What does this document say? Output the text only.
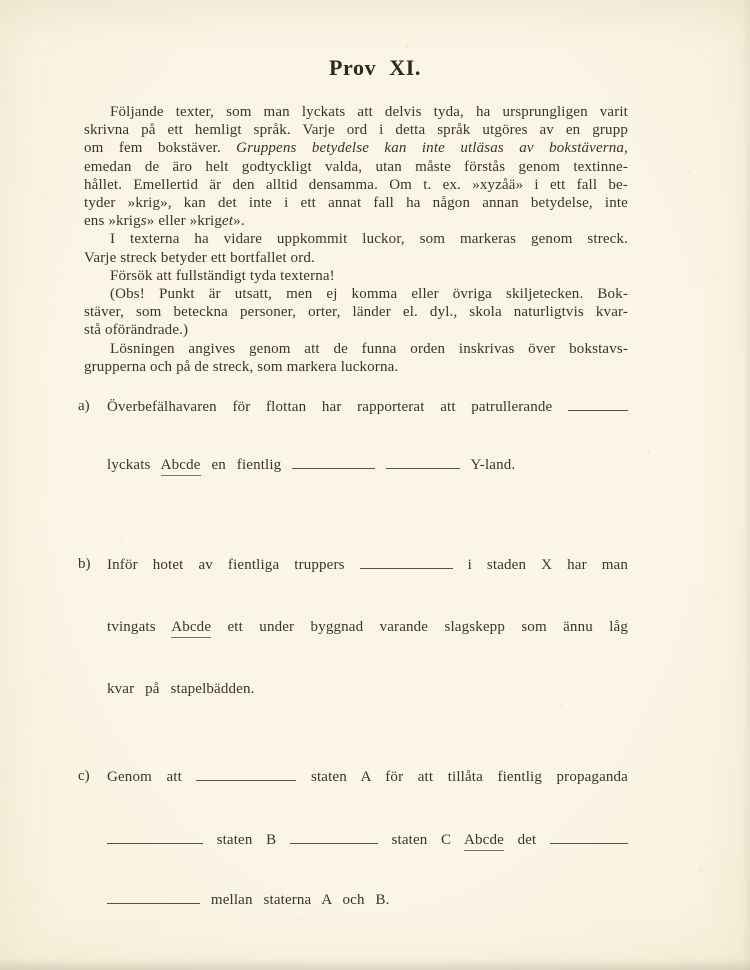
Prov XI.
Följande texter, som man lyckats att delvis tyda, ha ursprungligen varit
skrivna på ett hemligt språk. Varje ord i detta språk utgöres av en grupp
om fem bokstäver. Gruppens betydelse kan inte utläsas av bokstäverna,
emedan de äro helt godtyckligt valda, utan måste förstås genom textinne-
hållet. Emellertid är den alltid densamma. Om t. ex. »xyzåä» i ett fall be-
tyder »krig», kan det inte i ett annat fall ha någon annan betydelse, inte
ens »krigs» eller »kriget».
I texterna ha vidare uppkommit luckor, som markeras genom streck.
Varje streck betyder ett bortfallet ord.
Försök att fullständigt tyda texterna!
(Obs! Punkt är utsatt, men ej komma eller övriga skiljetecken. Bok-
stäver, som beteckna personer, orter, länder el. dyl., skola naturligtvis kvar-
stå oförändrade.)
Lösningen angives genom att de funna orden inskrivas över bokstavs-
grupperna och på de streck, som markera luckorna.
a) Överbefälhavaren för flottan har rapporterat att patrullerande
lyckats Abcde en fientlig	Y-land.
b) Inför hotet av fientliga truppers	i staden X har man
tvingats Abcde ett under byggnad varande slagskepp som ännu låg
kvar på stapelbädden.
c) Genom att	staten A för att tillåta fientlig propaganda
staten B	staten C Abcde det
mellan staterna A och B.
